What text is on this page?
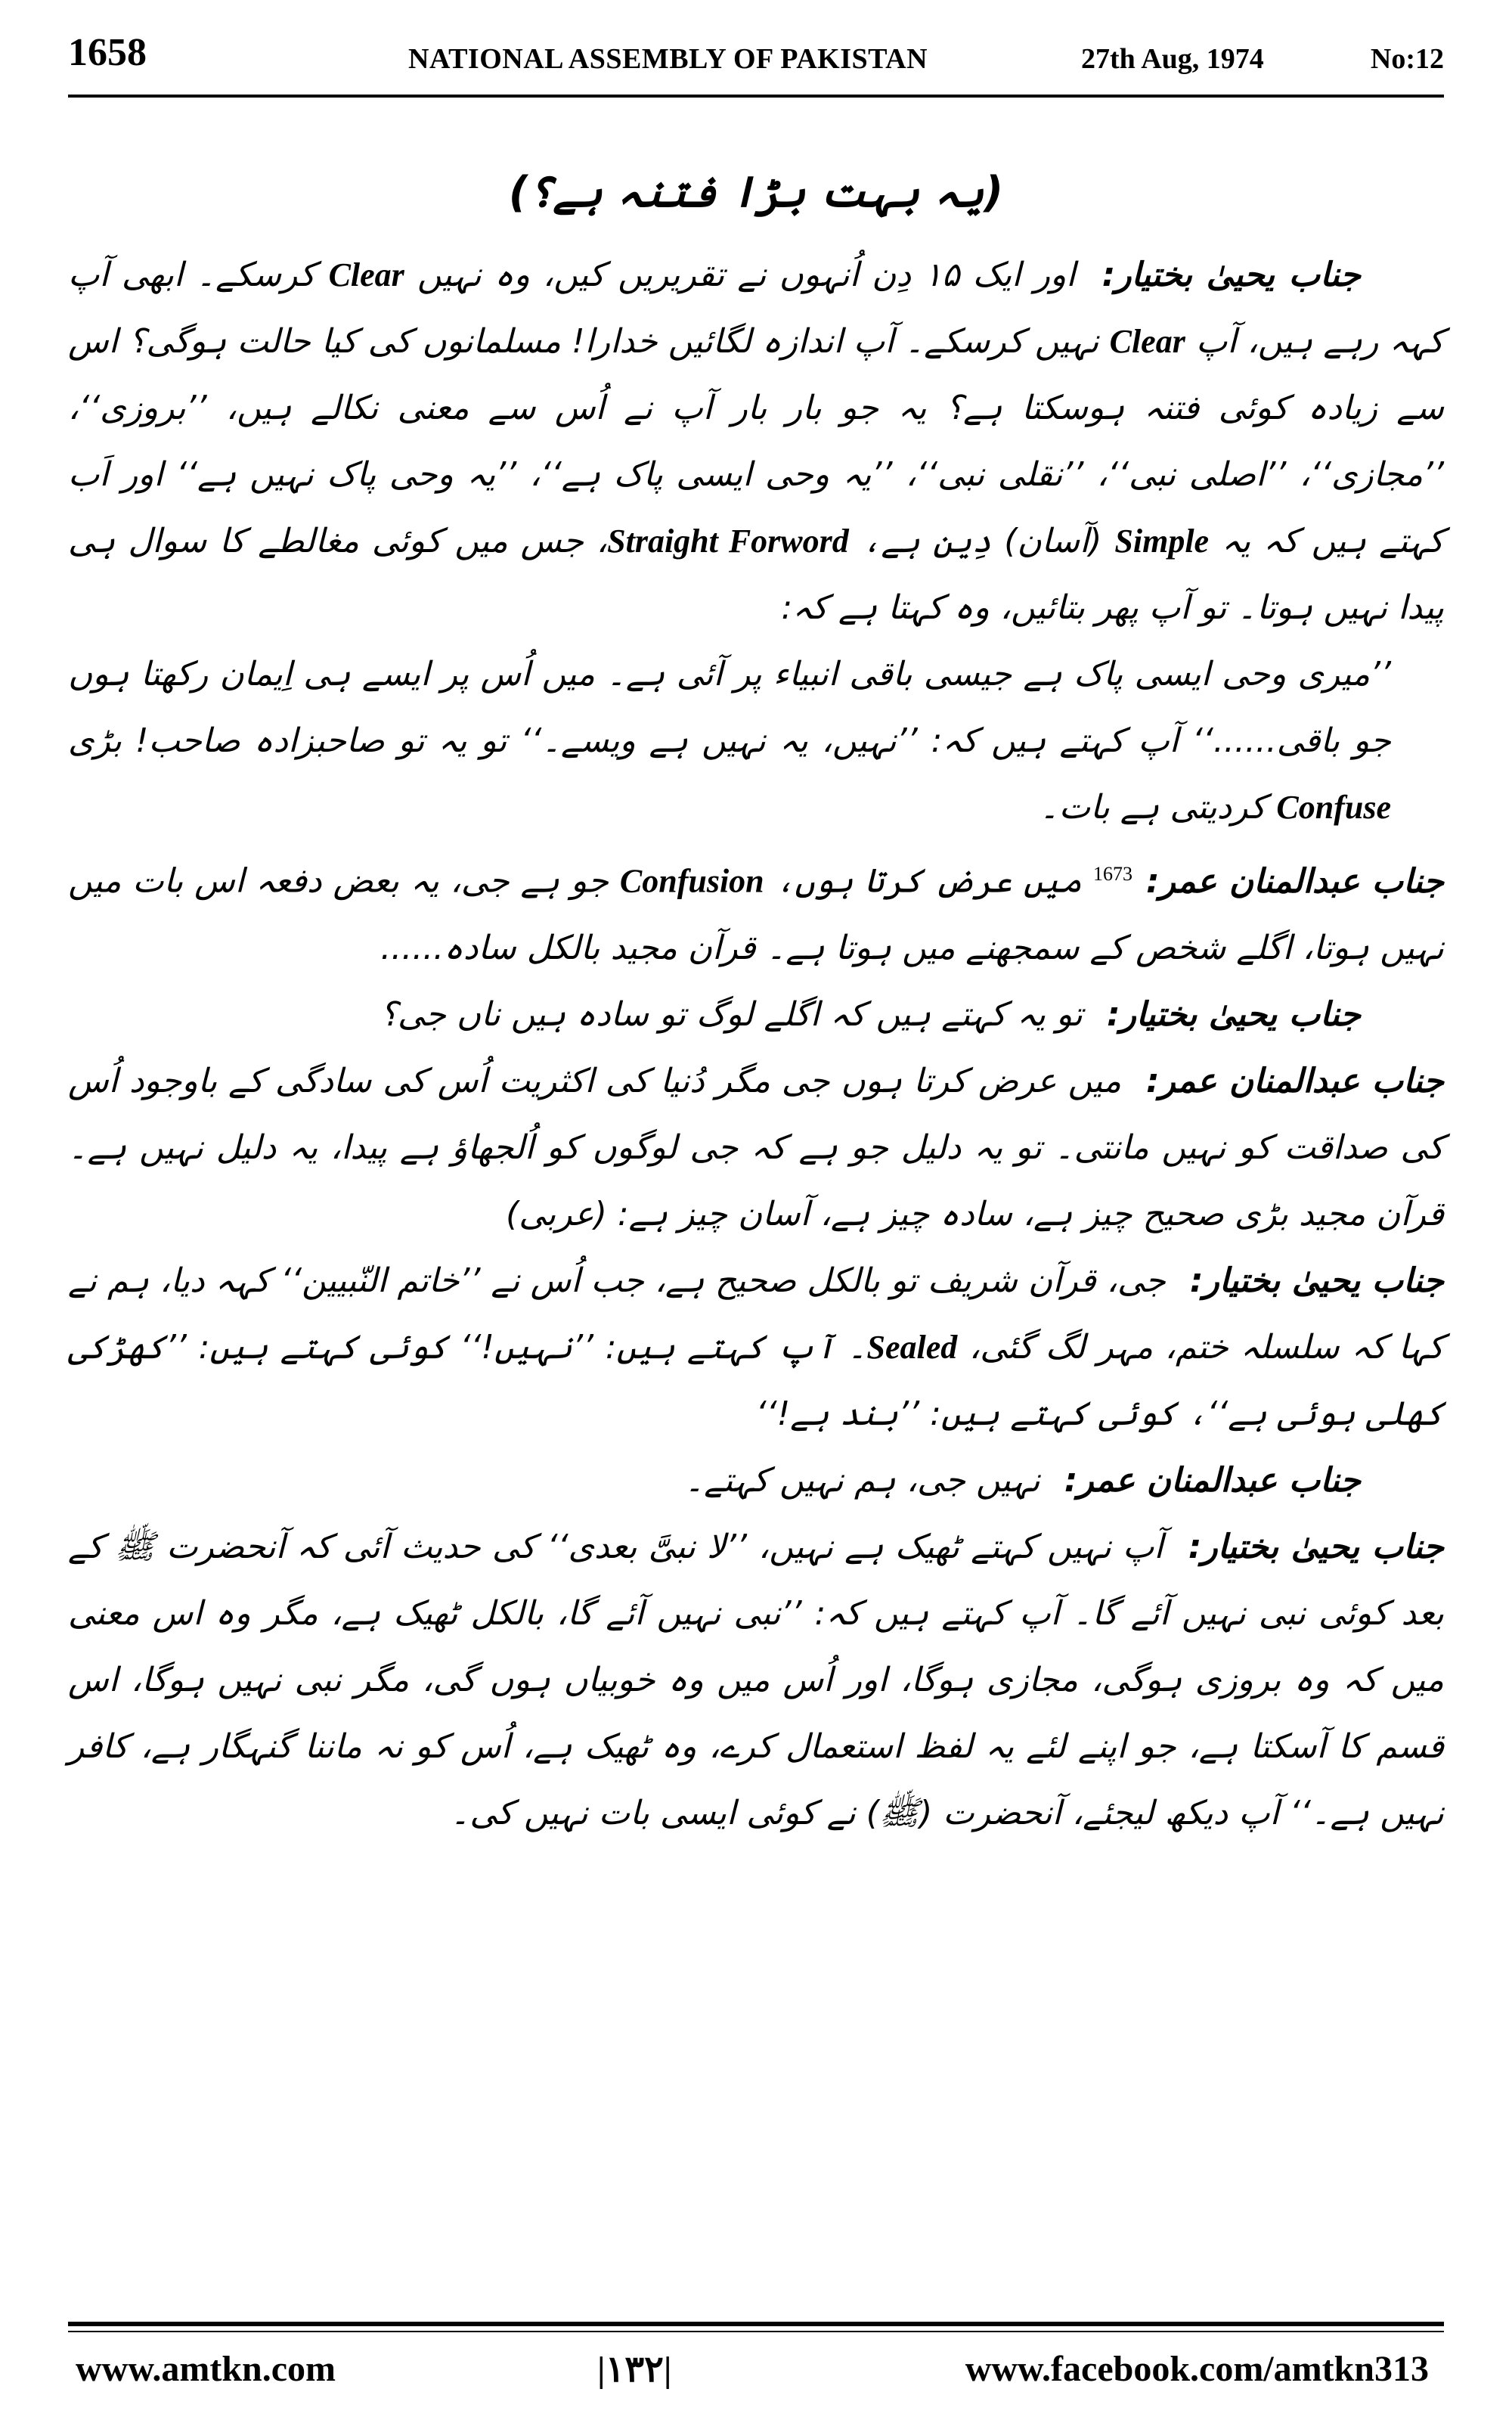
1658	NATIONAL ASSEMBLY OF PAKISTAN	27th Aug, 1974	No:12
(یہ بہت بڑا فتنہ ہے؟)

جناب یحییٰ بختیار: اور ایک ۱۵ دِن اُنہوں نے تقریریں کیں، وہ نہیں Clear کرسکے۔ ابھی آپ کہہ رہے ہیں، آپ Clear نہیں کرسکے۔ آپ اندازہ لگائیں خدارا! مسلمانوں کی کیا حالت ہوگی؟ اس سے زیادہ کوئی فتنہ ہوسکتا ہے؟ یہ جو بار بار آپ نے اُس سے معنی نکالے ہیں، ’’بروزی‘‘، ’’مجازی‘‘، ’’اصلی نبی‘‘، ’’نقلی نبی‘‘، ’’یہ وحی ایسی پاک ہے‘‘، ’’یہ وحی پاک نہیں ہے‘‘ اور اَب کہتے ہیں کہ یہ Simple (آسان) دِین ہے، Straight Forword، جس میں کوئی مغالطے کا سوال ہی پیدا نہیں ہوتا۔ تو آپ پھر بتائیں، وہ کہتا ہے کہ:

’’میری وحی ایسی پاک ہے جیسی باقی انبیاء پر آئی ہے۔ میں اُس پر ایسے ہی اِیمان رکھتا ہوں جو باقی......‘‘ آپ کہتے ہیں کہ: ’’نہیں، یہ نہیں ہے ویسے۔‘‘ تو یہ تو صاحبزادہ صاحب! بڑی Confuse کردیتی ہے بات۔

جناب عبدالمنان عمر:$^{1673}$ میں عرض کرتا ہوں، Confusion جو ہے جی، یہ بعض دفعہ اس بات میں نہیں ہوتا، اگلے شخص کے سمجھنے میں ہوتا ہے۔ قرآن مجید بالکل سادہ......

جناب یحییٰ بختیار: تو یہ کہتے ہیں کہ اگلے لوگ تو سادہ ہیں ناں جی؟

جناب عبدالمنان عمر: میں عرض کرتا ہوں جی مگر دُنیا کی اکثریت اُس کی سادگی کے باوجود اُس کی صداقت کو نہیں مانتی۔ تو یہ دلیل جو ہے کہ جی لوگوں کو اُلجھاؤ ہے پیدا، یہ دلیل نہیں ہے۔ قرآن مجید بڑی صحیح چیز ہے، سادہ چیز ہے، آسان چیز ہے: (عربی)

جناب یحییٰ بختیار: جی، قرآن شریف تو بالکل صحیح ہے، جب اُس نے ’’خاتم النّبیین‘‘ کہہ دیا، ہم نے کہا کہ سلسلہ ختم، مہر لگ گئی، Sealed۔ آپ کہتے ہیں: ’’نہیں!‘‘ کوئی کہتے ہیں: ’’کھڑکی کھلی ہوئی ہے‘‘، کوئی کہتے ہیں: ’’بند ہے!‘‘

جناب عبدالمنان عمر: نہیں جی، ہم نہیں کہتے۔

جناب یحییٰ بختیار: آپ نہیں کہتے ٹھیک ہے نہیں، ’’لا نبیَّ بعدی‘‘ کی حدیث آئی کہ آنحضرت ﷺ کے بعد کوئی نبی نہیں آئے گا۔ آپ کہتے ہیں کہ: ’’نبی نہیں آئے گا، بالکل ٹھیک ہے، مگر وہ اس معنی میں کہ وہ بروزی ہوگی، مجازی ہوگا، اور اُس میں وہ خوبیاں ہوں گی، مگر نبی نہیں ہوگا، اس قسم کا آسکتا ہے، جو اپنے لئے یہ لفظ استعمال کرے، وہ ٹھیک ہے، اُس کو نہ ماننا گنہگار ہے، کافر نہیں ہے۔‘‘ آپ دیکھ لیجئے، آنحضرت (ﷺ) نے کوئی ایسی بات نہیں کی۔

www.amtkn.com	|۱۳۲|	www.facebook.com/amtkn313
